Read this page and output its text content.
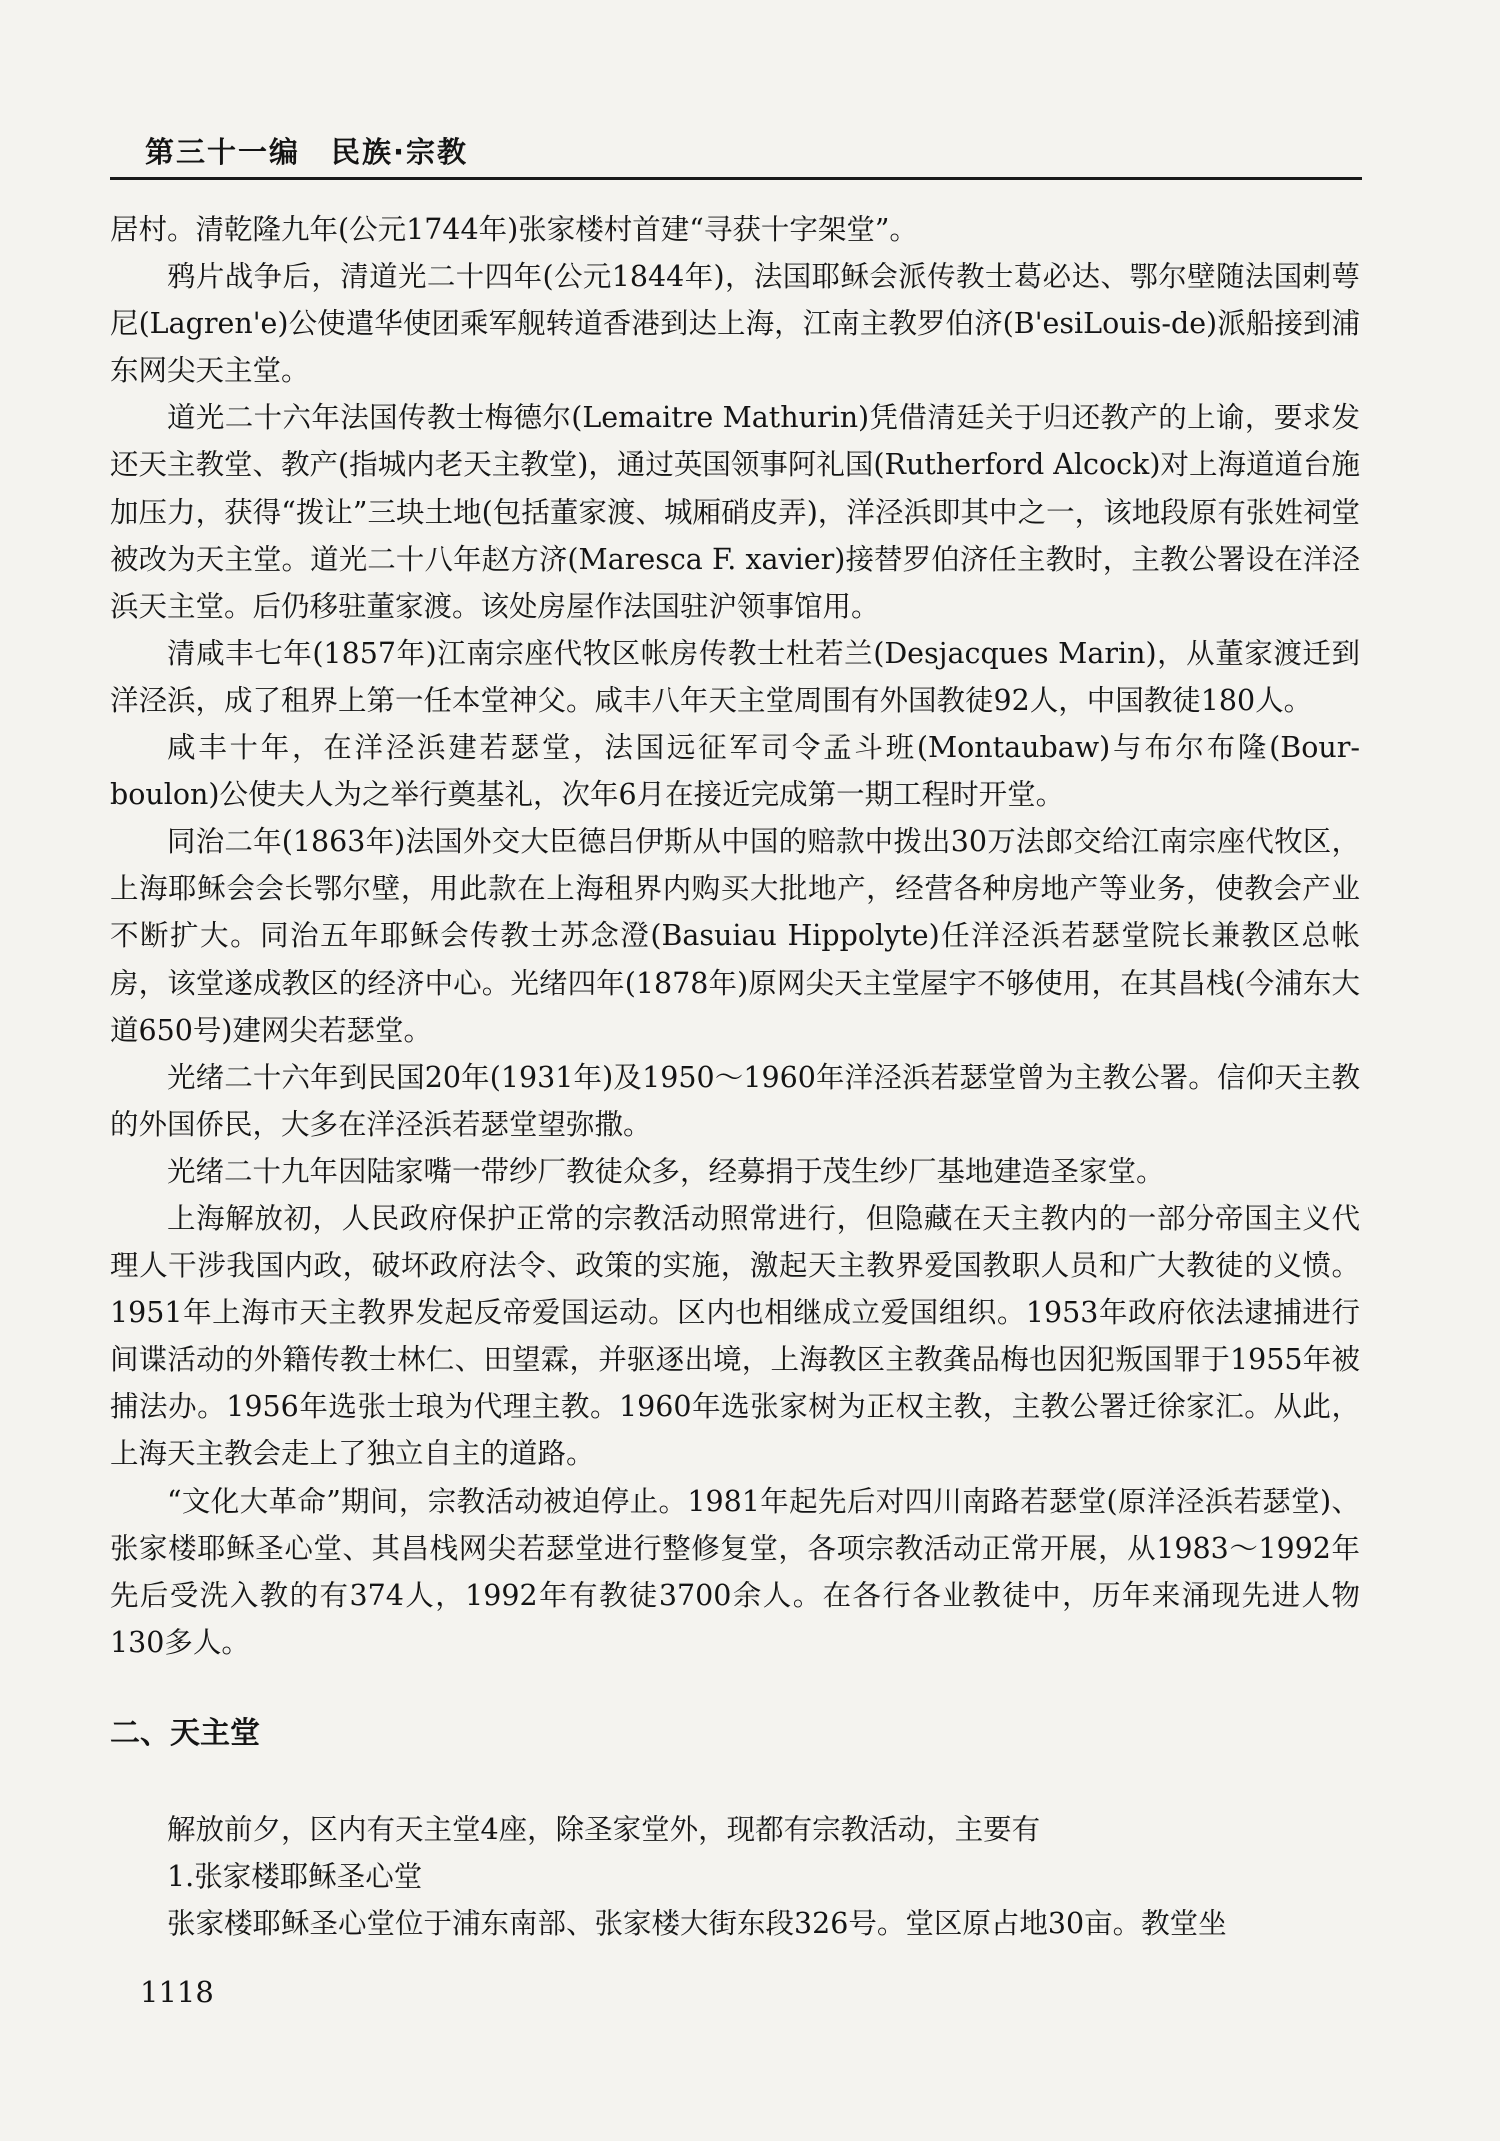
第三十一编　民族·宗教

居村。清乾隆九年(公元1744年)张家楼村首建“寻获十字架堂”。

鸦片战争后，清道光二十四年(公元1844年)，法国耶稣会派传教士葛必达、鄂尔壁随法国剌萼尼(Lagren'e)公使遣华使团乘军舰转道香港到达上海，江南主教罗伯济(B'esiLouis-de)派船接到浦东网尖天主堂。

道光二十六年法国传教士梅德尔(Lemaitre Mathurin)凭借清廷关于归还教产的上谕，要求发还天主教堂、教产(指城内老天主教堂)，通过英国领事阿礼国(Rutherford Alcock)对上海道道台施加压力，获得“拨让”三块土地(包括董家渡、城厢硝皮弄)，洋泾浜即其中之一，该地段原有张姓祠堂被改为天主堂。道光二十八年赵方济(Maresca F. xavier)接替罗伯济任主教时，主教公署设在洋泾浜天主堂。后仍移驻董家渡。该处房屋作法国驻沪领事馆用。

清咸丰七年(1857年)江南宗座代牧区帐房传教士杜若兰(Desjacques Marin)，从董家渡迁到洋泾浜，成了租界上第一任本堂神父。咸丰八年天主堂周围有外国教徒92人，中国教徒180人。

咸丰十年，在洋泾浜建若瑟堂，法国远征军司令孟斗班(Montaubaw)与布尔布隆(Bour-boulon)公使夫人为之举行奠基礼，次年6月在接近完成第一期工程时开堂。

同治二年(1863年)法国外交大臣德吕伊斯从中国的赔款中拨出30万法郎交给江南宗座代牧区，上海耶稣会会长鄂尔壁，用此款在上海租界内购买大批地产，经营各种房地产等业务，使教会产业不断扩大。同治五年耶稣会传教士苏念澄(Basuiau Hippolyte)任洋泾浜若瑟堂院长兼教区总帐房，该堂遂成教区的经济中心。光绪四年(1878年)原网尖天主堂屋宇不够使用，在其昌栈(今浦东大道650号)建网尖若瑟堂。

光绪二十六年到民国20年(1931年)及1950～1960年洋泾浜若瑟堂曾为主教公署。信仰天主教的外国侨民，大多在洋泾浜若瑟堂望弥撒。

光绪二十九年因陆家嘴一带纱厂教徒众多，经募捐于茂生纱厂基地建造圣家堂。

上海解放初，人民政府保护正常的宗教活动照常进行，但隐藏在天主教内的一部分帝国主义代理人干涉我国内政，破坏政府法令、政策的实施，激起天主教界爱国教职人员和广大教徒的义愤。1951年上海市天主教界发起反帝爱国运动。区内也相继成立爱国组织。1953年政府依法逮捕进行间谍活动的外籍传教士林仁、田望霖，并驱逐出境，上海教区主教龚品梅也因犯叛国罪于1955年被捕法办。1956年选张士琅为代理主教。1960年选张家树为正权主教，主教公署迁徐家汇。从此，上海天主教会走上了独立自主的道路。

“文化大革命”期间，宗教活动被迫停止。1981年起先后对四川南路若瑟堂(原洋泾浜若瑟堂)、张家楼耶稣圣心堂、其昌栈网尖若瑟堂进行整修复堂，各项宗教活动正常开展，从1983～1992年先后受洗入教的有374人，1992年有教徒3700余人。在各行各业教徒中，历年来涌现先进人物130多人。

二、天主堂

解放前夕，区内有天主堂4座，除圣家堂外，现都有宗教活动，主要有

1.张家楼耶稣圣心堂

张家楼耶稣圣心堂位于浦东南部、张家楼大街东段326号。堂区原占地30亩。教堂坐

1118
